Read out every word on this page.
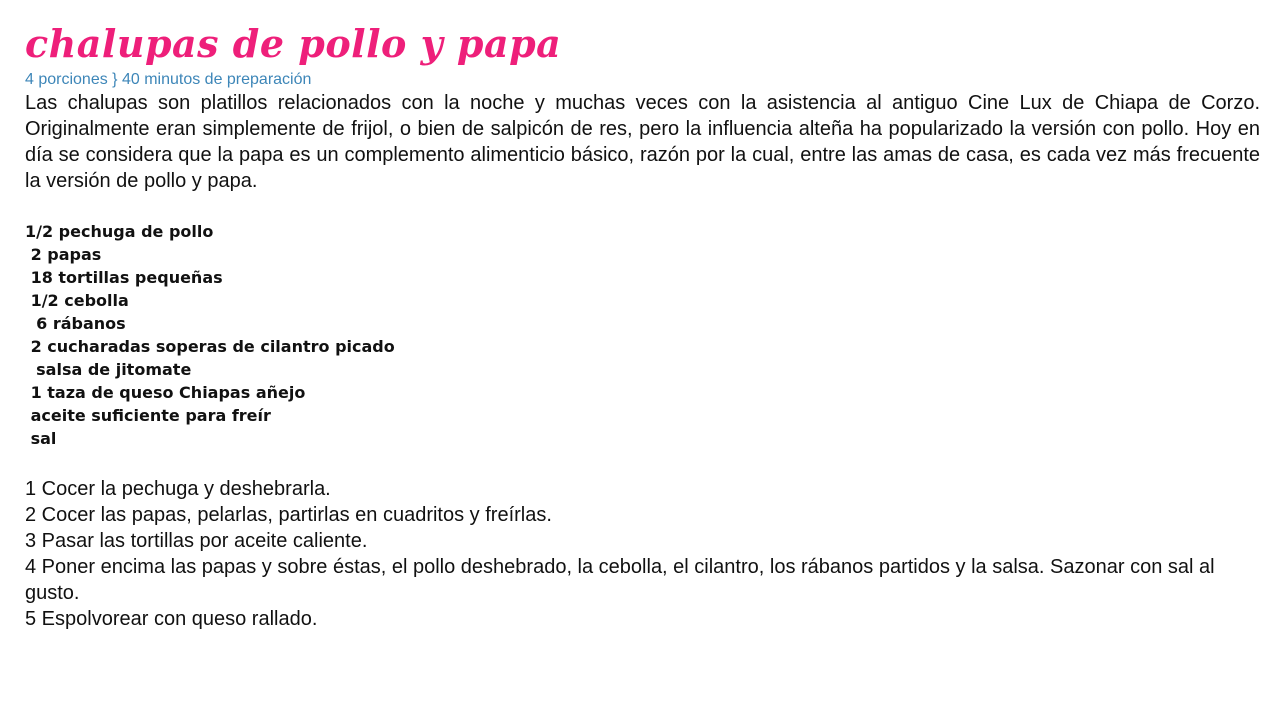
chalupas de pollo y papa

4 porciones } 40 minutos de preparación

Las chalupas son platillos relacionados con la noche y muchas veces con la asistencia al antiguo Cine Lux de Chiapa de Corzo. Originalmente eran simplemente de frijol, o bien de salpicón de res, pero la influencia alteña ha popularizado la versión con pollo. Hoy en día se considera que la papa es un complemento alimenticio básico, razón por la cual, entre las amas de casa, es cada vez más frecuente la versión de pollo y papa.

1/2 pechuga de pollo
2 papas
18 tortillas pequeñas
1/2 cebolla
6 rábanos
2 cucharadas soperas de cilantro picado
salsa de jitomate
1 taza de queso Chiapas añejo
aceite suficiente para freír
sal
1 Cocer la pechuga y deshebrarla.
2 Cocer las papas, pelarlas, partirlas en cuadritos y freírlas.
3 Pasar las tortillas por aceite caliente.
4 Poner encima las papas y sobre éstas, el pollo deshebrado, la cebolla, el cilantro, los rábanos partidos y la salsa. Sazonar con sal al gusto.
5 Espolvorear con queso rallado.
